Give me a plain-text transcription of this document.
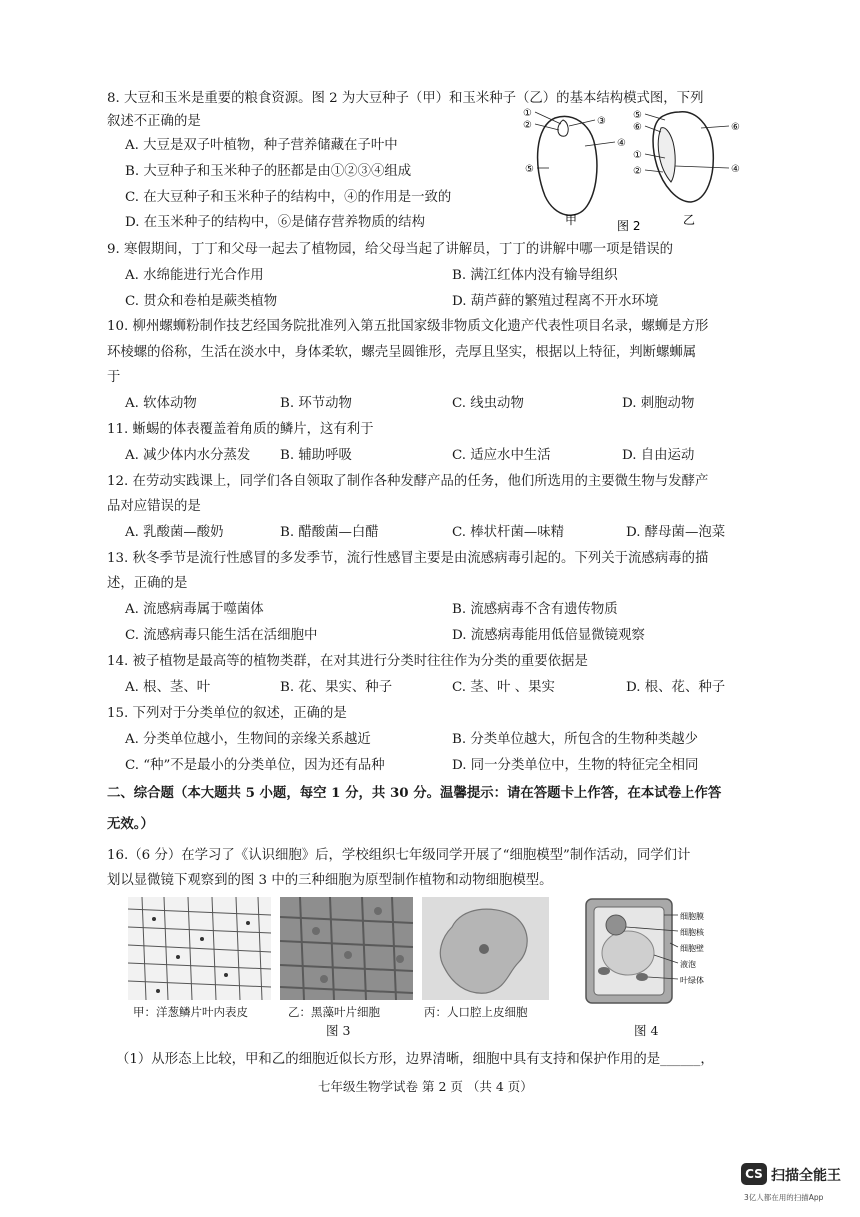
8. 大豆和玉米是重要的粮食资源。图 2 为大豆种子（甲）和玉米种子（乙）的基本结构模式图，下列
叙述不正确的是
A. 大豆是双子叶植物，种子营养储藏在子叶中
B. 大豆种子和玉米种子的胚都是由①②③④组成
C. 在大豆种子和玉米种子的结构中，④的作用是一致的
D. 在玉米种子的结构中，⑥是储存营养物质的结构
①
②	③
④
⑤
甲
⑤
⑥
①
②
⑥
④
乙
图 2
9. 寒假期间，丁丁和父母一起去了植物园，给父母当起了讲解员，丁丁的讲解中哪一项是错误的
A. 水绵能进行光合作用	B. 满江红体内没有输导组织
C. 贯众和卷柏是蕨类植物	D. 葫芦藓的繁殖过程离不开水环境
10. 柳州螺蛳粉制作技艺经国务院批准列入第五批国家级非物质文化遗产代表性项目名录，螺蛳是方形
环棱螺的俗称，生活在淡水中，身体柔软，螺壳呈圆锥形，壳厚且坚实，根据以上特征，判断螺蛳属
于
A. 软体动物	B. 环节动物	C. 线虫动物	D. 刺胞动物
11. 蜥蜴的体表覆盖着角质的鳞片，这有利于
A. 减少体内水分蒸发 B. 辅助呼吸	C. 适应水中生活	D. 自由运动
12. 在劳动实践课上，同学们各自领取了制作各种发酵产品的任务，他们所选用的主要微生物与发酵产
品对应错误的是
A. 乳酸菌—酸奶	B. 醋酸菌—白醋	C. 棒状杆菌—味精	D. 酵母菌—泡菜
13. 秋冬季节是流行性感冒的多发季节，流行性感冒主要是由流感病毒引起的。下列关于流感病毒的描
述，正确的是
A. 流感病毒属于噬菌体	B. 流感病毒不含有遗传物质
C. 流感病毒只能生活在活细胞中	D. 流感病毒能用低倍显微镜观察
14. 被子植物是最高等的植物类群，在对其进行分类时往往作为分类的重要依据是
A. 根、茎、叶	B. 花、果实、种子	C. 茎、叶 、果实	D. 根、花、种子
15. 下列对于分类单位的叙述，正确的是
A. 分类单位越小，生物间的亲缘关系越近	B. 分类单位越大，所包含的生物种类越少
C. “种”不是最小的分类单位，因为还有品种	D. 同一分类单位中，生物的特征完全相同
二、综合题（本大题共 5 小题，每空 1 分，共 30 分。温馨提示：请在答题卡上作答，在本试卷上作答
无效。）
16.（6 分）在学习了《认识细胞》后，学校组织七年级同学开展了“细胞模型”制作活动，同学们计
划以显微镜下观察到的图 3 中的三种细胞为原型制作植物和动物细胞模型。
甲：洋葱鳞片叶内表皮	乙：黑藻叶片细胞	丙：人口腔上皮细胞
图 3
细胞膜
细胞核
细胞壁
液泡
叶绿体
图 4
（1）从形态上比较，甲和乙的细胞近似长方形，边界清晰，细胞中具有支持和保护作用的是______，
七年级生物学试卷 第 2 页 （共 4 页）
CS 扫描全能王
3亿人都在用的扫描App
